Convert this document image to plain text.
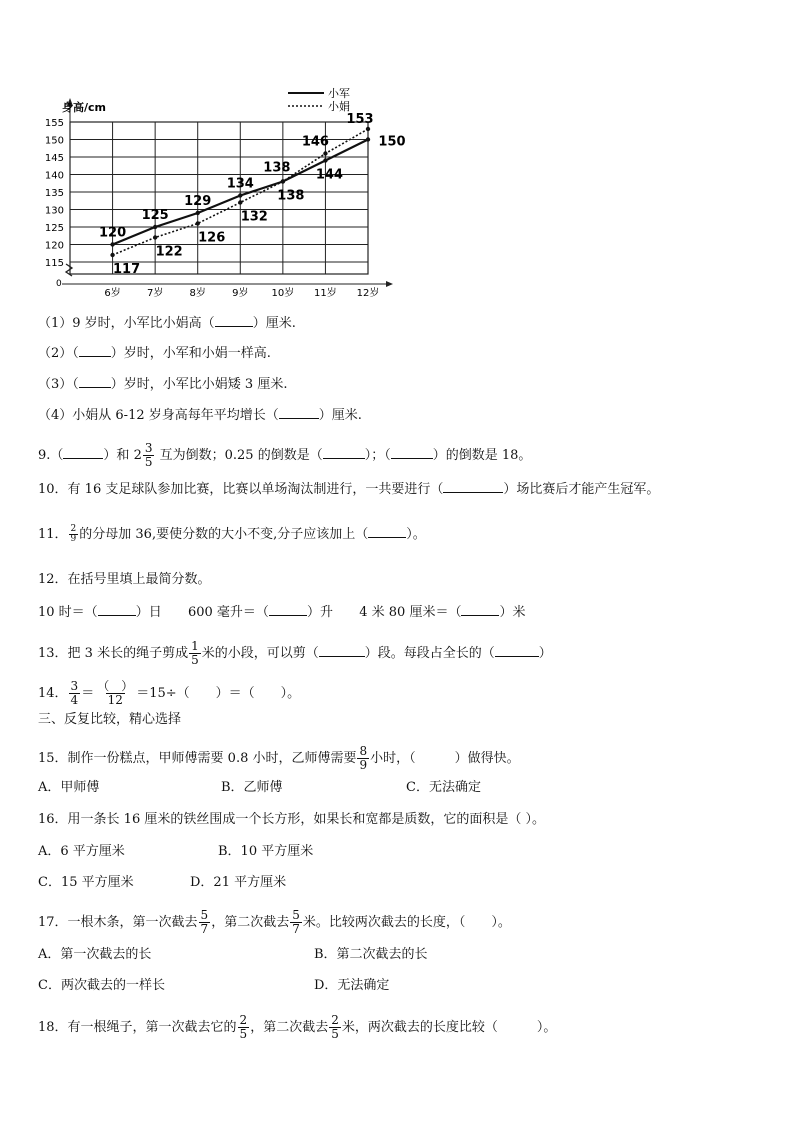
155
150
145
140
135
130
125
120
115
0
6岁	7岁	8岁	9岁 10岁 11岁 12岁
120
125
129
134
138
144
150
117
122
126
132
138
146
153
小军
小娟
身高/cm
（1）9 岁时，小军比小娟高（	）厘米.
（2）（ ）岁时，小军和小娟一样高.
（3）（ ）岁时，小军比小娟矮 3 厘米.
（4）小娟从 6-12 岁身高每年平均增长（	）厘米.
9.（	）和 $2 \frac{3}{5}$ 互为倒数；0.25 的倒数是（	）；（	）的倒数是 18。
10．有 16 支足球队参加比赛，比赛以单场淘汰制进行，一共要进行（	）场比赛后才能产生冠军。
11． $\frac{2}{9}$ 的分母加 36,要使分数的大小不变,分子应该加上（	）。
12．在括号里填上最简分数。
10 时＝（	）日 600 毫升＝（	）升 4 米 80 厘米＝（	）米
13．把 3 米长的绳子剪成 $\frac{1}{5}$ 米的小段，可以剪（	）段。每段占全长的（	）
14． $\frac{3}{4} = \frac{( )}{12} =15\div$（　　）＝（　　）。
三、反复比较，精心选择
15．制作一份糕点，甲师傅需要 0.8 小时，乙师傅需要 $\frac{8}{9}$ 小时，（　　　）做得快。
A．甲师傅	B．乙师傅	C．无法确定
16．用一条长 16 厘米的铁丝围成一个长方形，如果长和宽都是质数，它的面积是（ ）。
A．6 平方厘米	B．10 平方厘米
C．15 平方厘米	D．21 平方厘米
17．一根木条，第一次截去 $\frac{5}{7}$ ，第二次截去 $\frac{5}{7}$ 米。比较两次截去的长度，（　　）。
A．第一次截去的长	B．第二次截去的长
C．两次截去的一样长	D．无法确定
18．有一根绳子，第一次截去它的 $\frac{2}{5}$ ，第二次截去 $\frac{2}{5}$ 米，两次截去的长度比较（　　　）。
